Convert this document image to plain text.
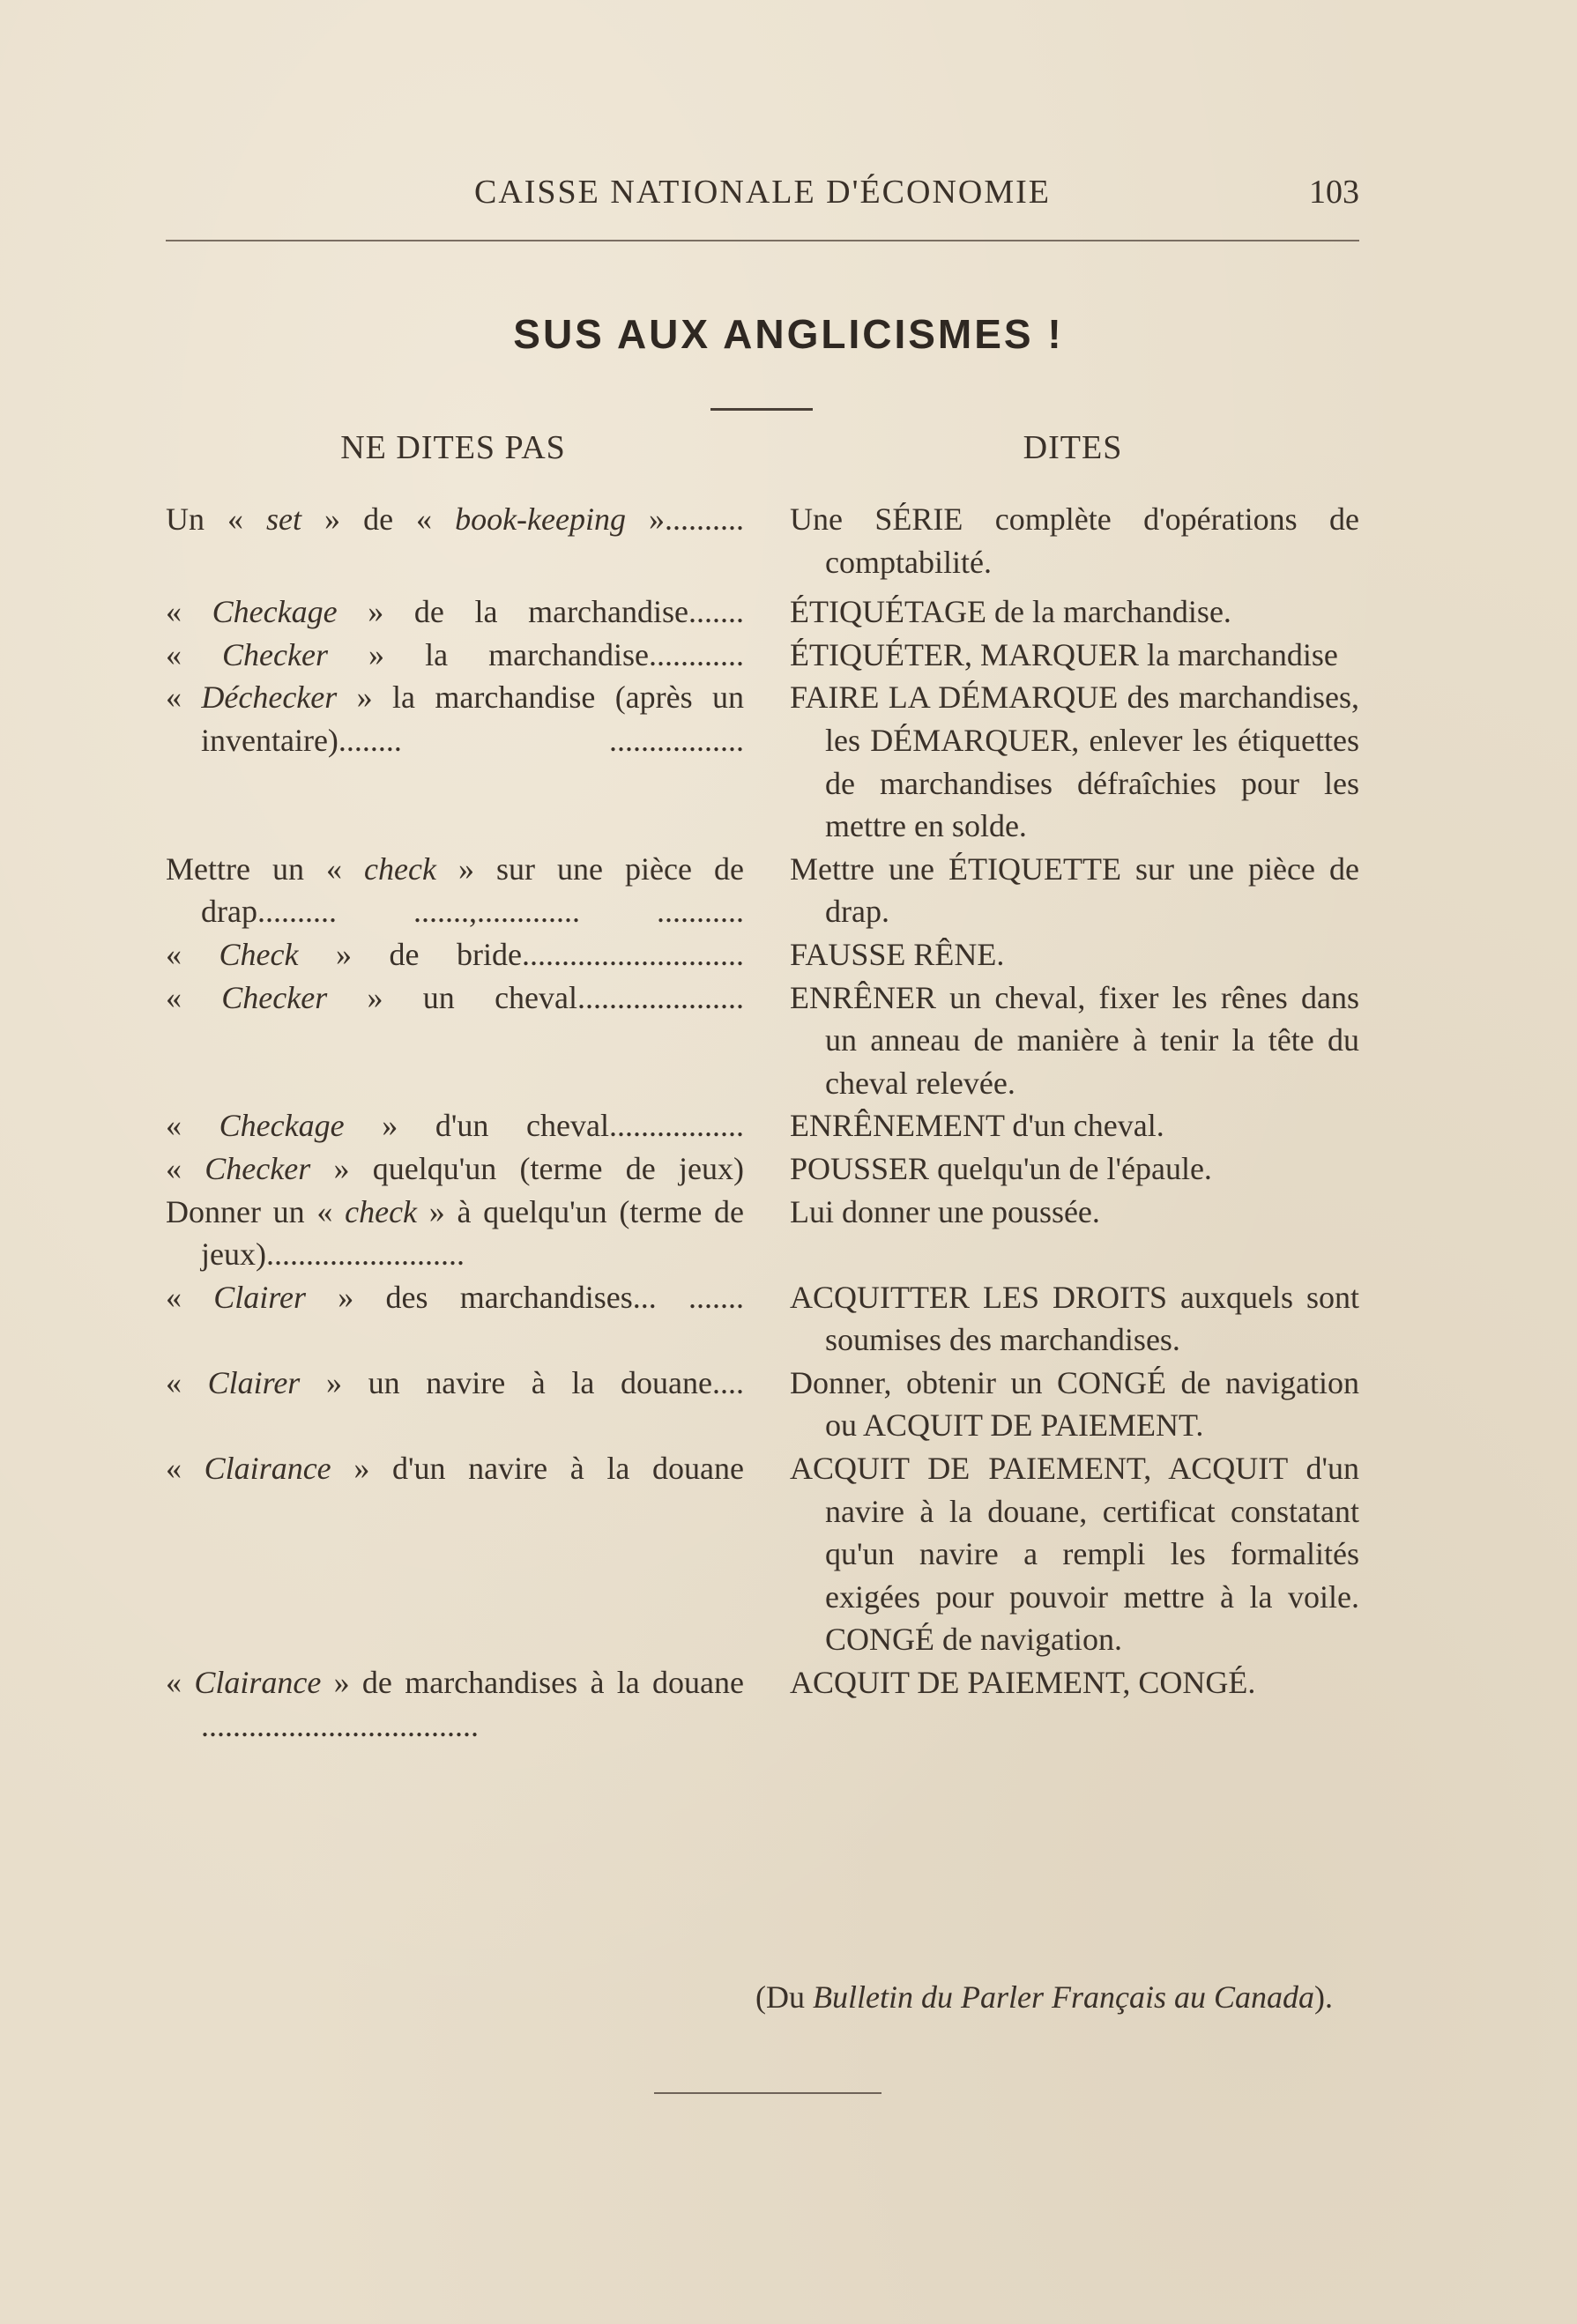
CAISSE NATIONALE D'ÉCONOMIE	103
SUS AUX ANGLICISMES !
NE DITES PAS	DITES
Un « set » de « book-keeping ».......... Une SÉRIE complète d'opérations de comptabilité.
« Checkage » de la marchandise....... ÉTIQUÉTAGE de la marchandise.
« Checker » la marchandise............ ÉTIQUÉTER, MARQUER la marchandise
« Déchecker » la marchandise (après un inventaire)........ .................
FAIRE LA DÉMARQUE des marchandises, les DÉMARQUER, enlever les étiquettes de marchandises défraîchies pour les mettre en solde.
Mettre un « check » sur une pièce de drap.......... .......,............. ...........
Mettre une ÉTIQUETTE sur une pièce de drap.
« Check » de bride............................ FAUSSE RÊNE.
« Checker » un cheval..................... ENRÊNER un cheval, fixer les rênes dans un anneau de manière à tenir la tête du cheval relevée.
« Checkage » d'un cheval................. ENRÊNEMENT d'un cheval.
« Checker » quelqu'un (terme de jeux) POUSSER quelqu'un de l'épaule.
Donner un « check » à quelqu'un (terme de jeux).........................
Lui donner une poussée.
« Clairer » des marchandises... ....... ACQUITTER LES DROITS auxquels sont soumises des marchandises.
« Clairer » un navire à la douane.... Donner, obtenir un CONGÉ de navigation ou ACQUIT DE PAIEMENT.
« Clairance » d'un navire à la douane ACQUIT DE PAIEMENT, ACQUIT d'un navire à la douane, certificat constatant qu'un navire a rempli les formalités exigées pour pouvoir mettre à la voile. CONGÉ de navigation.
« Clairance » de marchandises à la douane ...................................
ACQUIT DE PAIEMENT, CONGÉ.
(Du Bulletin du Parler Français au Canada).
